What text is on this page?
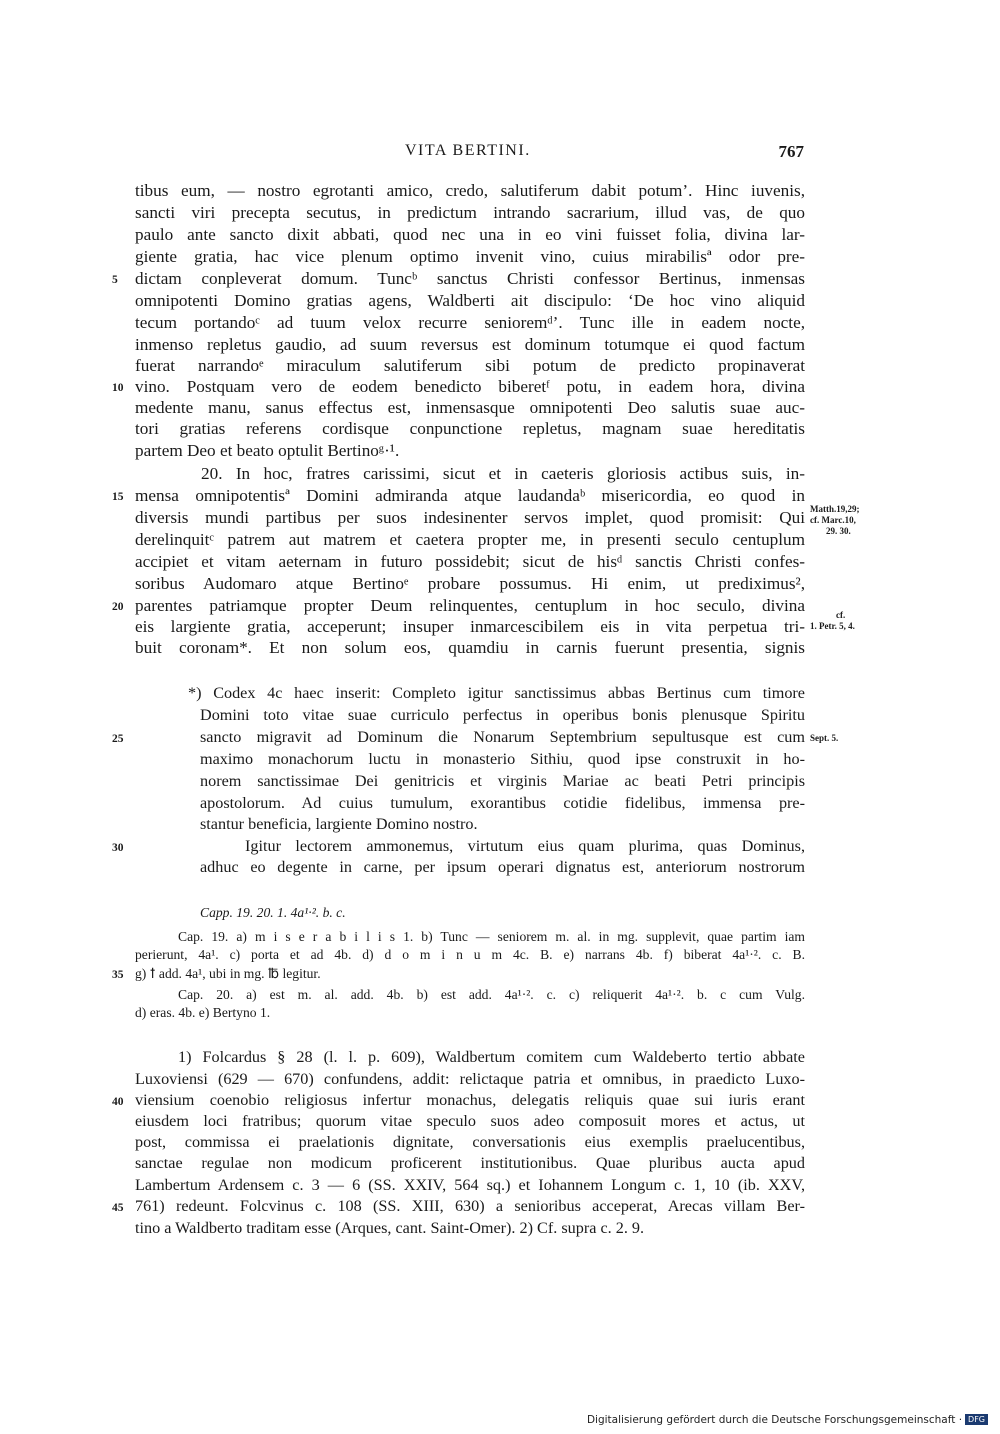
VITA BERTINI.	767
tibus eum, — nostro egrotanti amico, credo, salutiferum dabit potum’. Hinc iuvenis,
sancti viri precepta secutus, in predictum intrando sacrarium, illud vas, de quo
paulo ante sancto dixit abbati, quod nec una in eo vini fuisset folia, divina lar-
giente gratia, hac vice plenum optimo invenit vino, cuius mirabilisª odor pre-
dictam conpleverat domum. Tuncᵇ sanctus Christi confessor Bertinus, inmensas
omnipotenti Domino gratias agens, Waldberti ait discipulo: ‘De hoc vino aliquid
tecum portandoᶜ ad tuum velox recurre senioremᵈ’. Tunc ille in eadem nocte,
inmenso repletus gaudio, ad suum reversus est dominum totumque ei quod factum
fuerat narrandoᵉ miraculum salutiferum sibi potum de predicto propinaverat
vino. Postquam vero de eodem benedicto biberetᶠ potu, in eadem hora, divina
medente manu, sanus effectus est, inmensasque omnipotenti Deo salutis suae auc-
tori gratias referens cordisque conpunctione repletus, magnam suae hereditatis
partem Deo et beato optulit Bertinoᵍ·¹.
20. In hoc, fratres carissimi, sicut et in caeteris gloriosis actibus suis, in-
mensa omnipotentisª Domini admiranda atque laudandaᵇ misericordia, eo quod in
diversis mundi partibus per suos indesinenter servos implet, quod promisit: Qui
derelinquitᶜ patrem aut matrem et caetera propter me, in presenti seculo centuplum
accipiet et vitam aeternam in futuro possidebit; sicut de hisᵈ sanctis Christi confes-
soribus Audomaro atque Bertinoᵉ probare possumus. Hi enim, ut prediximus²,
parentes patriamque propter Deum relinquentes, centuplum in hoc seculo, divina
eis largiente gratia, acceperunt; insuper inmarcescibilem eis in vita perpetua tri-
buit coronam*. Et non solum eos, quamdiu in carnis fuerunt presentia, signis
*) Codex 4c haec inserit: Completo igitur sanctissimus abbas Bertinus cum timore
Domini toto vitae suae curriculo perfectus in operibus bonis plenusque Spiritu
sancto migravit ad Dominum die Nonarum Septembrium sepultusque est cum
maximo monachorum luctu in monasterio Sithiu, quod ipse construxit in ho-
norem sanctissimae Dei genitricis et virginis Mariae ac beati Petri principis
apostolorum. Ad cuius tumulum, exorantibus cotidie fidelibus, immensa pre-
stantur beneficia, largiente Domino nostro.
Igitur lectorem ammonemus, virtutum eius quam plurima, quas Dominus,
adhuc eo degente in carne, per ipsum operari dignatus est, anteriorum nostrorum
Capp. 19. 20. 1. 4a¹·². b. c.
Cap. 19. a) m i s e r a b i l i s 1. b) Tunc — seniorem m. al. in mg. supplevit, quae partim iam
perierunt, 4a¹. c) porta et ad 4b. d) d o m i n u m 4c. B. e) narrans 4b. f) biberat 4a¹·². c. B.
g) ꝉ add. 4a¹, ubi in mg. ℔ legitur.
Cap. 20. a) est m. al. add. 4b. b) est add. 4a¹·². c. c) reliquerit 4a¹·². b. c cum Vulg.
d) eras. 4b. e) Bertyno 1.
1) Folcardus § 28 (l. l. p. 609), Waldbertum comitem cum Waldeberto tertio abbate
Luxoviensi (629 — 670) confundens, addit: relictaque patria et omnibus, in praedicto Luxo-
viensium coenobio religiosus infertur monachus, delegatis reliquis quae sui iuris erant
eiusdem loci fratribus; quorum vitae speculo suos adeo composuit mores et actus, ut
post, commissa ei praelationis dignitate, conversationis eius exemplis praelucentibus,
sanctae regulae non modicum proficerent institutionibus. Quae pluribus aucta apud
Lambertum Ardensem c. 3 — 6 (SS. XXIV, 564 sq.) et Iohannem Longum c. 1, 10 (ib. XXV,
761) redeunt. Folcvinus c. 108 (SS. XIII, 630) a senioribus acceperat, Arecas villam Ber-
tino a Waldberto traditam esse (Arques, cant. Saint-Omer). 2) Cf. supra c. 2. 9.
5
10
15
20
25
30
35
40
45
Matth.19,29;
cf. Marc.10,
29. 30.
cf.
1. Petr. 5, 4.
Sept. 5.
Digitalisierung gefördert durch die Deutsche Forschungsgemeinschaft · DFG
